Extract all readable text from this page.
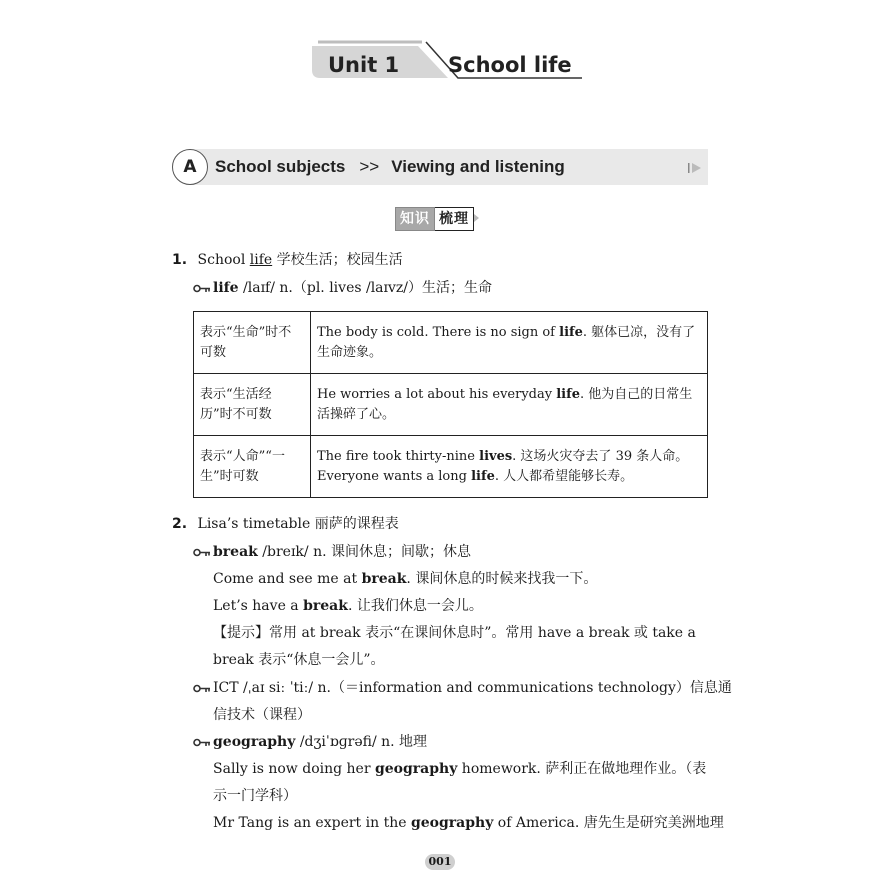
Unit 1 School life
A	School subjects >> Viewing and listening
知识 梳理
1. School life 学校生活；校园生活
life /laɪf/ n.（pl. lives /laɪvz/）生活；生命
表示“生命”时不可数	The body is cold. There is no sign of life. 躯体已凉，没有了生命迹象。
表示“生活经历”时不可数	He worries a lot about his everyday life. 他为自己的日常生活操碎了心。
表示“人命”“一生”时可数	The fire took thirty-nine lives. 这场火灾夺去了 39 条人命。
Everyone wants a long life. 人人都希望能够长寿。
2. Lisa’s timetable 丽萨的课程表
break /breɪk/ n. 课间休息；间歇；休息
Come and see me at break. 课间休息的时候来找我一下。
Let’s have a break. 让我们休息一会儿。
【提示】常用 at break 表示“在课间休息时”。常用 have a break 或 take a
break 表示“休息一会儿”。
ICT /ˌaɪ siː ˈtiː/ n.（＝information and communications technology）信息通
信技术（课程）
geography /dʒiˈɒɡrəfi/ n. 地理
Sally is now doing her geography homework. 萨利正在做地理作业。（表
示一门学科）
Mr Tang is an expert in the geography of America. 唐先生是研究美洲地理
001
